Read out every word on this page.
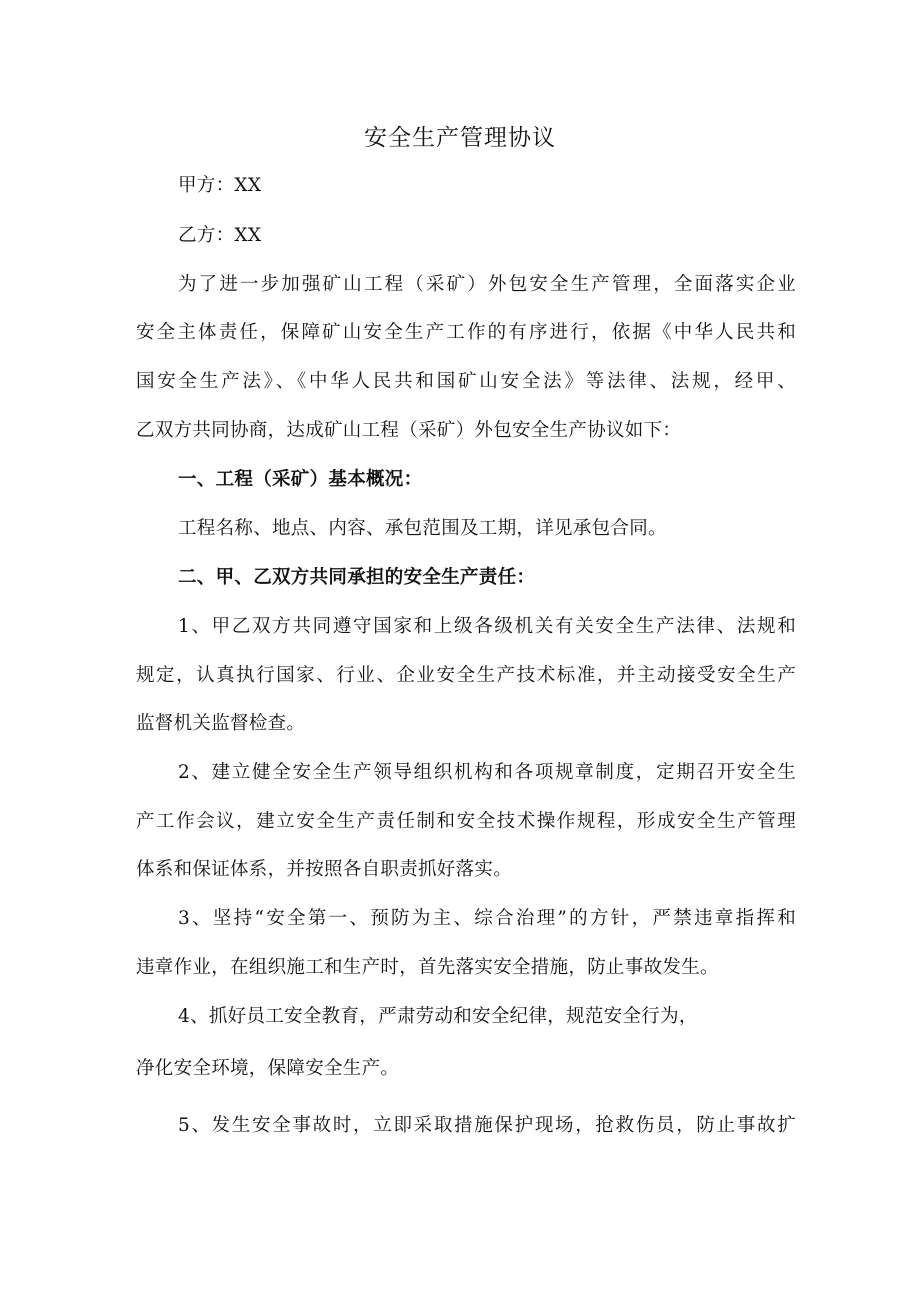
安全生产管理协议
甲方：XX
乙方：XX
为了进一步加强矿山工程（采矿）外包安全生产管理，全面落实企业
安全主体责任，保障矿山安全生产工作的有序进行，依据《中华人民共和
国安全生产法》、《中华人民共和国矿山安全法》等法律、法规，经甲、
乙双方共同协商，达成矿山工程（采矿）外包安全生产协议如下：
一、工程（采矿）基本概况：
工程名称、地点、内容、承包范围及工期，详见承包合同。
二、甲、乙双方共同承担的安全生产责任：
1、甲乙双方共同遵守国家和上级各级机关有关安全生产法律、法规和
规定，认真执行国家、行业、企业安全生产技术标准，并主动接受安全生产
监督机关监督检查。
2、建立健全安全生产领导组织机构和各项规章制度，定期召开安全生
产工作会议，建立安全生产责任制和安全技术操作规程，形成安全生产管理
体系和保证体系，并按照各自职责抓好落实。
3、坚持“安全第一、预防为主、综合治理”的方针，严禁违章指挥和
违章作业，在组织施工和生产时，首先落实安全措施，防止事故发生。
4、抓好员工安全教育，严肃劳动和安全纪律，规范安全行为，
净化安全环境，保障安全生产。
5、发生安全事故时，立即采取措施保护现场，抢救伤员，防止事故扩
